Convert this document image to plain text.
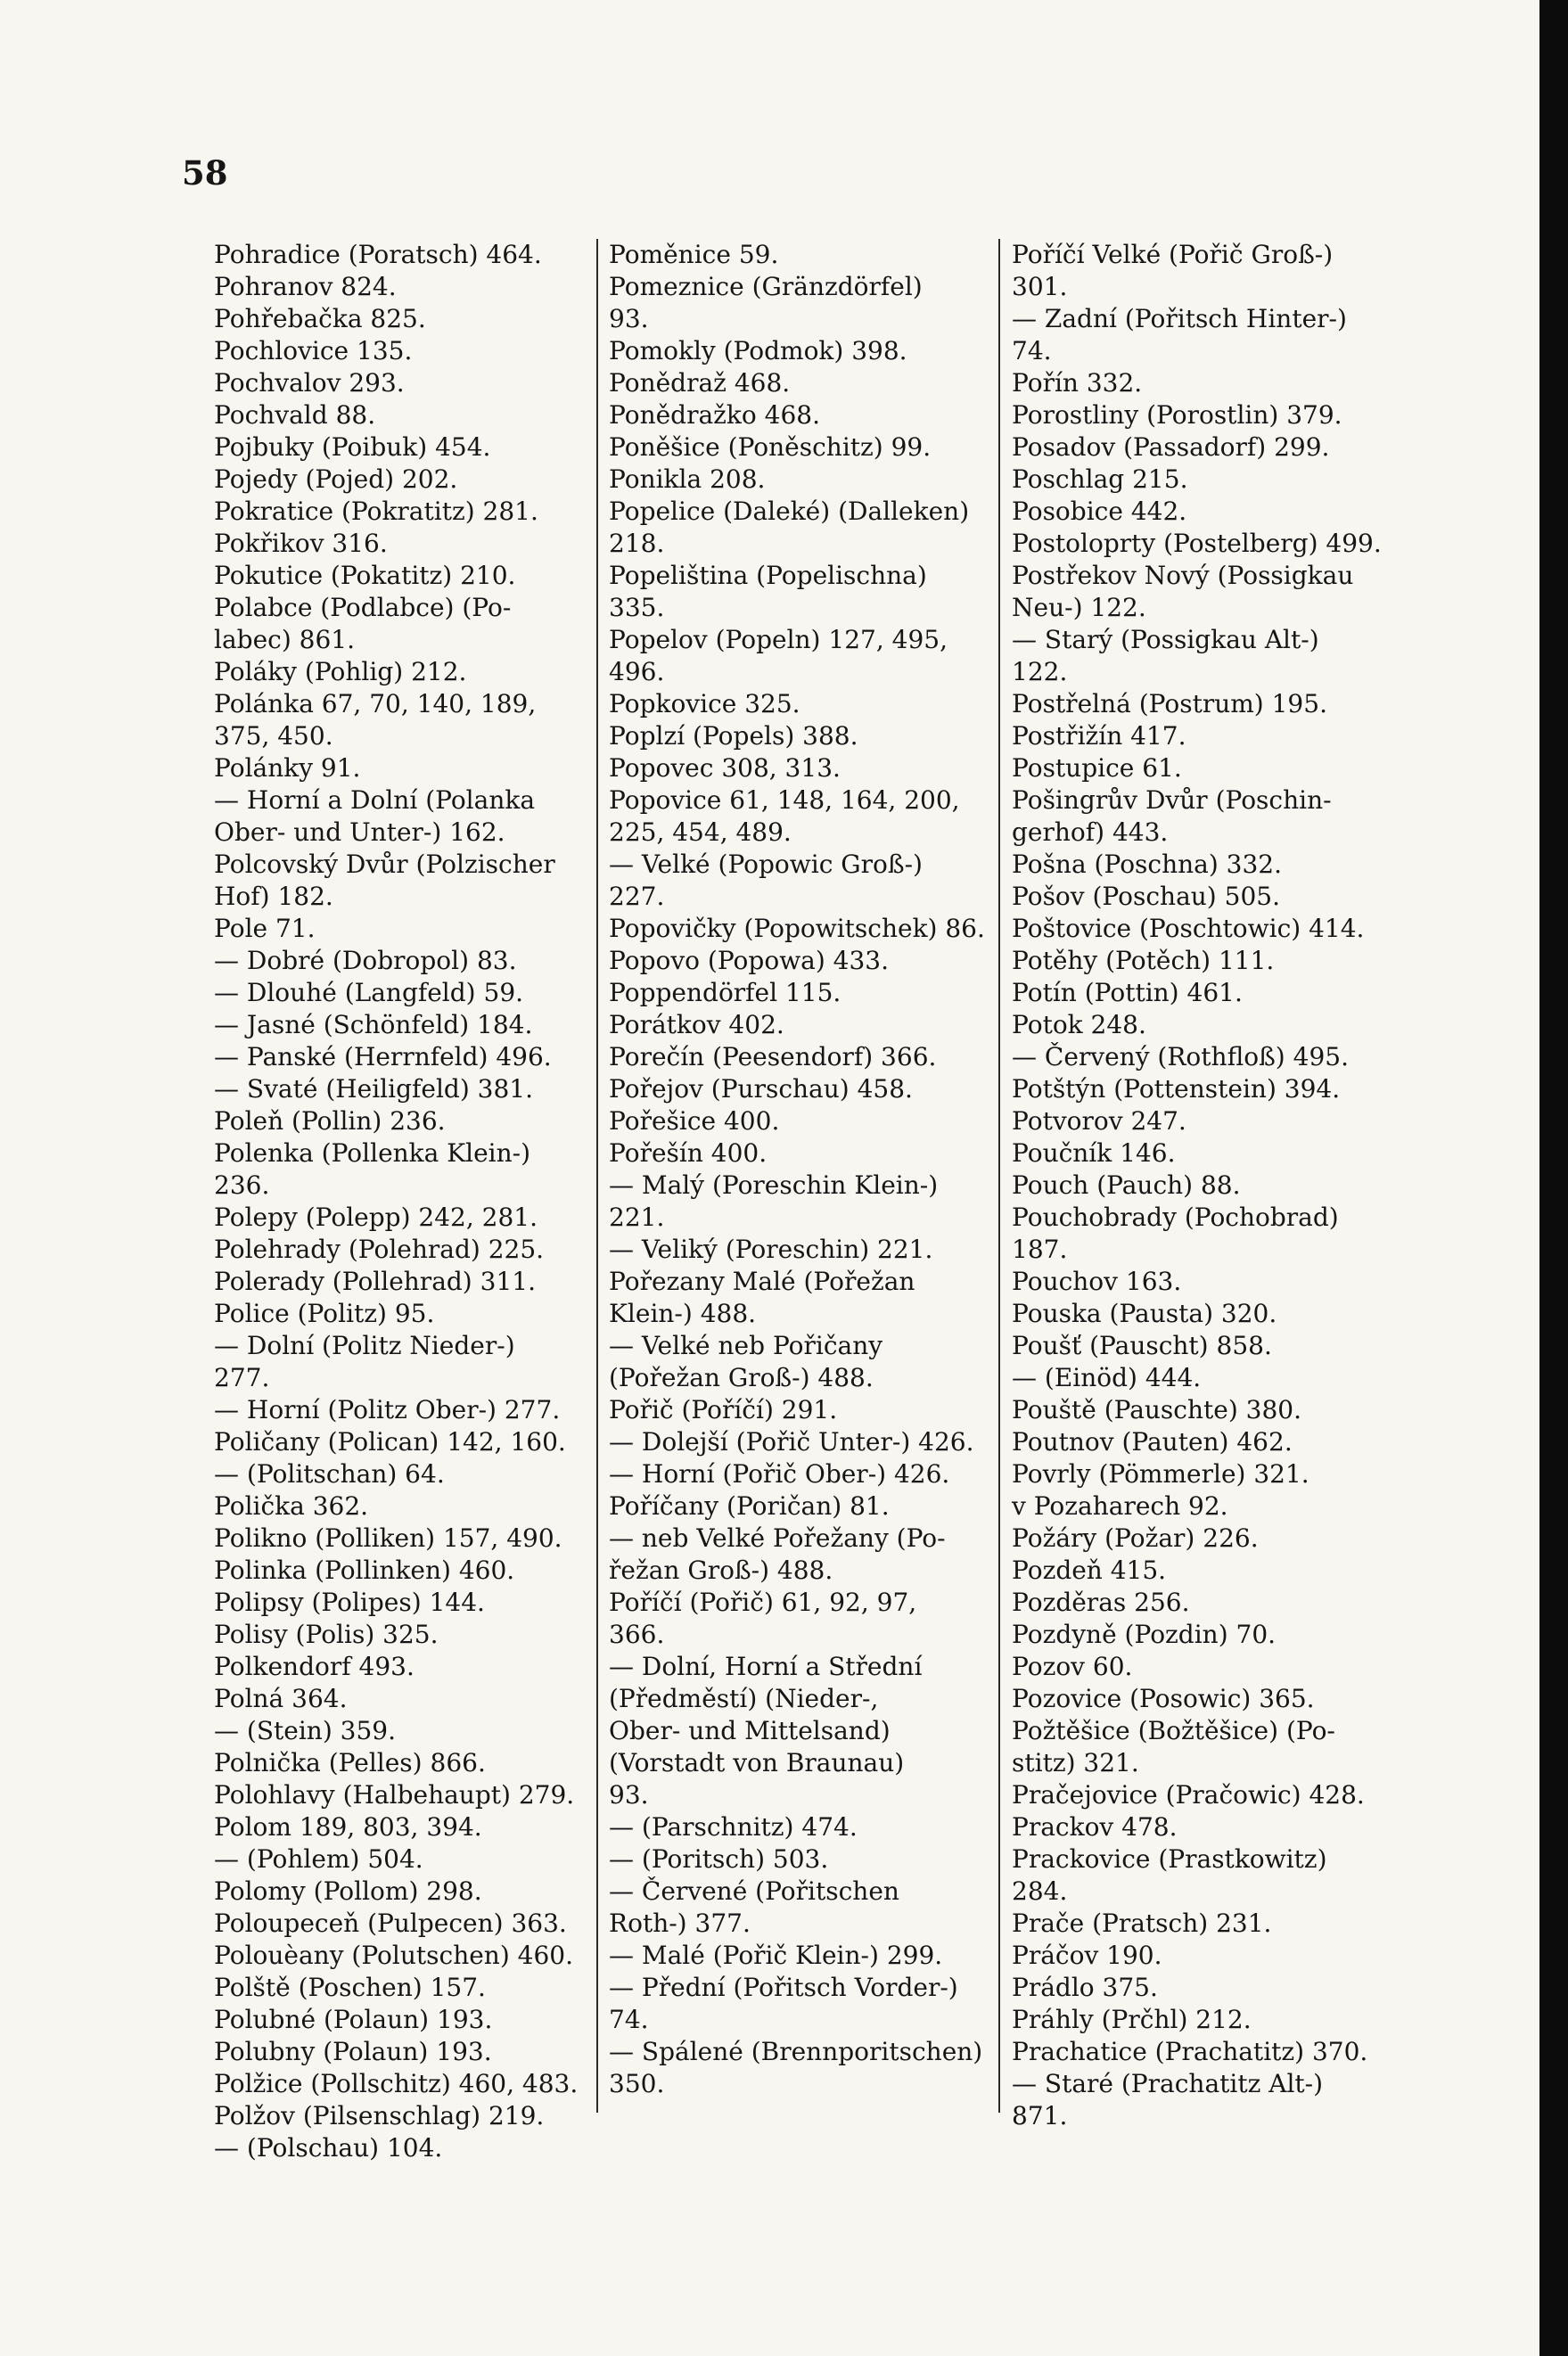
58
Pohradice (Poratsch) 464.
Pohranov 824.
Pohřebačka 825.
Pochlovice 135.
Pochvalov 293.
Pochvald 88.
Pojbuky (Poibuk) 454.
Pojedy (Pojed) 202.
Pokratice (Pokratitz) 281.
Pokřikov 316.
Pokutice (Pokatitz) 210.
Polabce (Podlabce) (Po-
labec) 861.
Poláky (Pohlig) 212.
Polánka 67, 70, 140, 189,
375, 450.
Polánky 91.
— Horní a Dolní (Polanka
Ober- und Unter-) 162.
Polcovský Dvůr (Polzischer
Hof) 182.
Pole 71.
— Dobré (Dobropol) 83.
— Dlouhé (Langfeld) 59.
— Jasné (Schönfeld) 184.
— Panské (Herrnfeld) 496.
— Svaté (Heiligfeld) 381.
Poleň (Pollin) 236.
Polenka (Pollenka Klein-)
236.
Polepy (Polepp) 242, 281.
Polehrady (Polehrad) 225.
Polerady (Pollehrad) 311.
Police (Politz) 95.
— Dolní (Politz Nieder-)
277.
— Horní (Politz Ober-) 277.
Poličany (Polican) 142, 160.
— (Politschan) 64.
Polička 362.
Polikno (Polliken) 157, 490.
Polinka (Pollinken) 460.
Polipsy (Polipes) 144.
Polisy (Polis) 325.
Polkendorf 493.
Polná 364.
— (Stein) 359.
Polnička (Pelles) 866.
Polohlavy (Halbehaupt) 279.
Polom 189, 803, 394.
— (Pohlem) 504.
Polomy (Pollom) 298.
Poloupeceň (Pulpecen) 363.
Polouèany (Polutschen) 460.
Polště (Poschen) 157.
Polubné (Polaun) 193.
Polubny (Polaun) 193.
Polžice (Pollschitz) 460, 483.
Polžov (Pilsenschlag) 219.
— (Polschau) 104.
Poměnice 59.
Pomeznice (Gränzdörfel)
93.
Pomokly (Podmok) 398.
Ponědraž 468.
Ponědražko 468.
Poněšice (Poněschitz) 99.
Ponikla 208.
Popelice (Daleké) (Dalleken)
218.
Popeliština (Popelischna)
335.
Popelov (Popeln) 127, 495,
496.
Popkovice 325.
Poplzí (Popels) 388.
Popovec 308, 313.
Popovice 61, 148, 164, 200,
225, 454, 489.
— Velké (Popowic Groß-)
227.
Popovičky (Popowitschek) 86.
Popovo (Popowa) 433.
Poppendörfel 115.
Porátkov 402.
Porečín (Peesendorf) 366.
Pořejov (Purschau) 458.
Pořešice 400.
Pořešín 400.
— Malý (Poreschin Klein-)
221.
— Veliký (Poreschin) 221.
Pořezany Malé (Pořežan
Klein-) 488.
— Velké neb Pořičany
(Pořežan Groß-) 488.
Pořič (Poříčí) 291.
— Dolejší (Pořič Unter-) 426.
— Horní (Pořič Ober-) 426.
Poříčany (Poričan) 81.
— neb Velké Pořežany (Po-
řežan Groß-) 488.
Poříčí (Pořič) 61, 92, 97,
366.
— Dolní, Horní a Střední
(Předměstí) (Nieder-,
Ober- und Mittelsand)
(Vorstadt von Braunau)
93.
— (Parschnitz) 474.
— (Poritsch) 503.
— Červené (Pořitschen
Roth-) 377.
— Malé (Pořič Klein-) 299.
— Přední (Pořitsch Vorder-)
74.
— Spálené (Brennporitschen)
350.
Poříčí Velké (Pořič Groß-)
301.
— Zadní (Pořitsch Hinter-)
74.
Pořín 332.
Porostliny (Porostlin) 379.
Posadov (Passadorf) 299.
Poschlag 215.
Posobice 442.
Postoloprty (Postelberg) 499.
Postřekov Nový (Possigkau
Neu-) 122.
— Starý (Possigkau Alt-)
122.
Postřelná (Postrum) 195.
Postřižín 417.
Postupice 61.
Pošingrův Dvůr (Poschin-
gerhof) 443.
Pošna (Poschna) 332.
Pošov (Poschau) 505.
Poštovice (Poschtowic) 414.
Potěhy (Potěch) 111.
Potín (Pottin) 461.
Potok 248.
— Červený (Rothfloß) 495.
Potštýn (Pottenstein) 394.
Potvorov 247.
Poučník 146.
Pouch (Pauch) 88.
Pouchobrady (Pochobrad)
187.
Pouchov 163.
Pouska (Pausta) 320.
Poušť (Pauscht) 858.
— (Einöd) 444.
Pouště (Pauschte) 380.
Poutnov (Pauten) 462.
Povrly (Pömmerle) 321.
v Pozaharech 92.
Požáry (Požar) 226.
Pozdeň 415.
Pozděras 256.
Pozdyně (Pozdin) 70.
Pozov 60.
Pozovice (Posowic) 365.
Požtěšice (Božtěšice) (Po-
stitz) 321.
Pračejovice (Pračowic) 428.
Prackov 478.
Prackovice (Prastkowitz) 284.
Prače (Pratsch) 231.
Práčov 190.
Prádlo 375.
Práhly (Prčhl) 212.
Prachatice (Prachatitz) 370.
— Staré (Prachatitz Alt-)
871.
